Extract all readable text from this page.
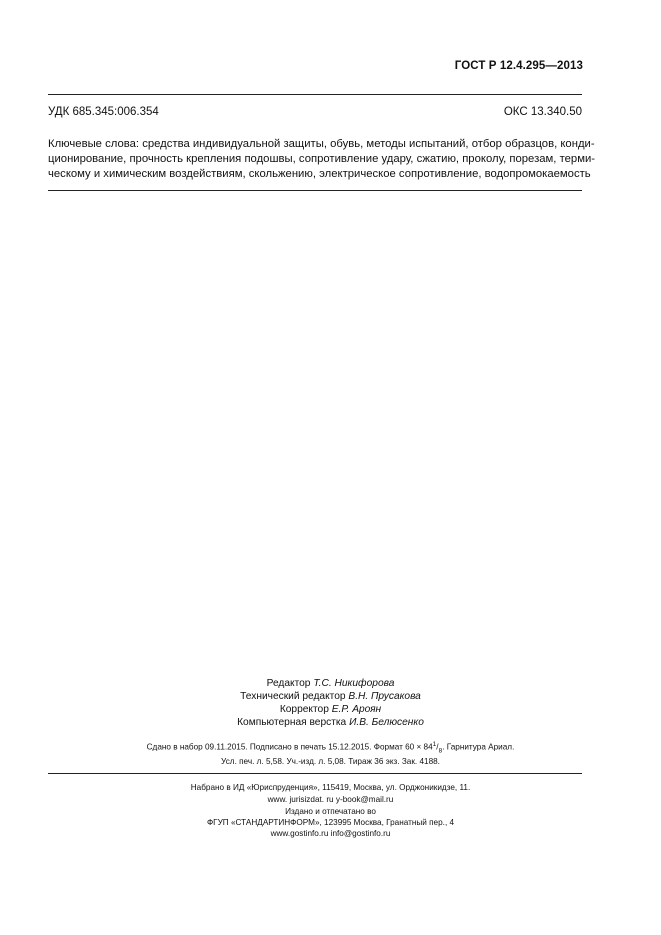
ГОСТ Р 12.4.295—2013
УДК 685.345:006.354	ОКС 13.340.50
Ключевые слова: средства индивидуальной защиты, обувь, методы испытаний, отбор образцов, конди-
ционирование, прочность крепления подошвы, сопротивление удару, сжатию, проколу, порезам, терми-
ческому и химическим воздействиям, скольжению, электрическое сопротивление, водопромокаемость
Редактор Т.С. Никифорова
Технический редактор В.Н. Прусакова
Корректор Е.Р. Ароян
Компьютерная верстка И.В. Белюсенко
Сдано в набор 09.11.2015. Подписано в печать 15.12.2015. Формат $60 \times 84^1/_8$. Гарнитура Ариал.
Усл. печ. л. 5,58. Уч.-изд. л. 5,08. Тираж 36 экз. Зак. 4188.
Набрано в ИД «Юриспруденция», 115419, Москва, ул. Орджоникидзе, 11.
www. jurisizdat. ru y-book@mail.ru
Издано и отпечатано во
ФГУП «СТАНДАРТИНФОРМ», 123995 Москва, Гранатный пер., 4
www.gostinfo.ru info@gostinfo.ru
